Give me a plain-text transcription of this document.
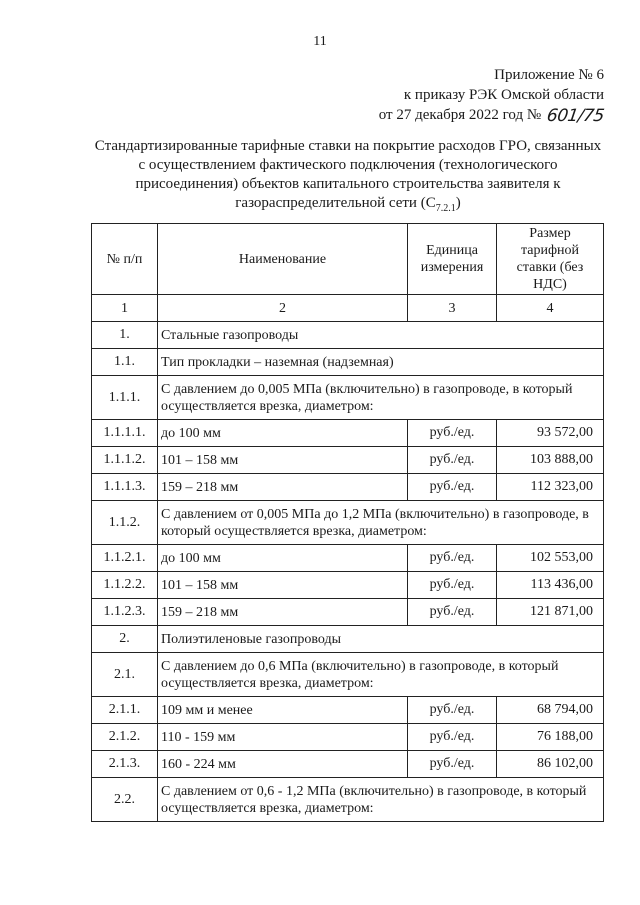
11
Приложение № 6
к приказу РЭК Омской области
от 27 декабря 2022 год № 601/75
Стандартизированные тарифные ставки на покрытие расходов ГРО, связанных
с осуществлением фактического подключения (технологического
присоединения) объектов капитального строительства заявителя к
газораспределительной сети $(С_{7.2.1})$
№ п/п	Наименование	Единица измерения	Размер тарифной ставки (без НДС)
1	2	3	4
1.	Стальные газопроводы		
1.1.	Тип прокладки – наземная (надземная)		
1.1.1.	С давлением до 0,005 МПа (включительно) в газопроводе, в который осуществляется врезка, диаметром:		
1.1.1.1.	до 100 мм	руб./ед.	93 572,00
1.1.1.2.	101 – 158 мм	руб./ед.	103 888,00
1.1.1.3.	159 – 218 мм	руб./ед.	112 323,00
1.1.2.	С давлением от 0,005 МПа до 1,2 МПа (включительно) в газопроводе, в который осуществляется врезка, диаметром:		
1.1.2.1.	до 100 мм	руб./ед.	102 553,00
1.1.2.2.	101 – 158 мм	руб./ед.	113 436,00
1.1.2.3.	159 – 218 мм	руб./ед.	121 871,00
2.	Полиэтиленовые газопроводы		
2.1.	С давлением до 0,6 МПа (включительно) в газопроводе, в который осуществляется врезка, диаметром:		
2.1.1.	109 мм и менее	руб./ед.	68 794,00
2.1.2.	110 - 159 мм	руб./ед.	76 188,00
2.1.3.	160 - 224 мм	руб./ед.	86 102,00
2.2.	С давлением от 0,6 - 1,2 МПа (включительно) в газопроводе, в который осуществляется врезка, диаметром:		
